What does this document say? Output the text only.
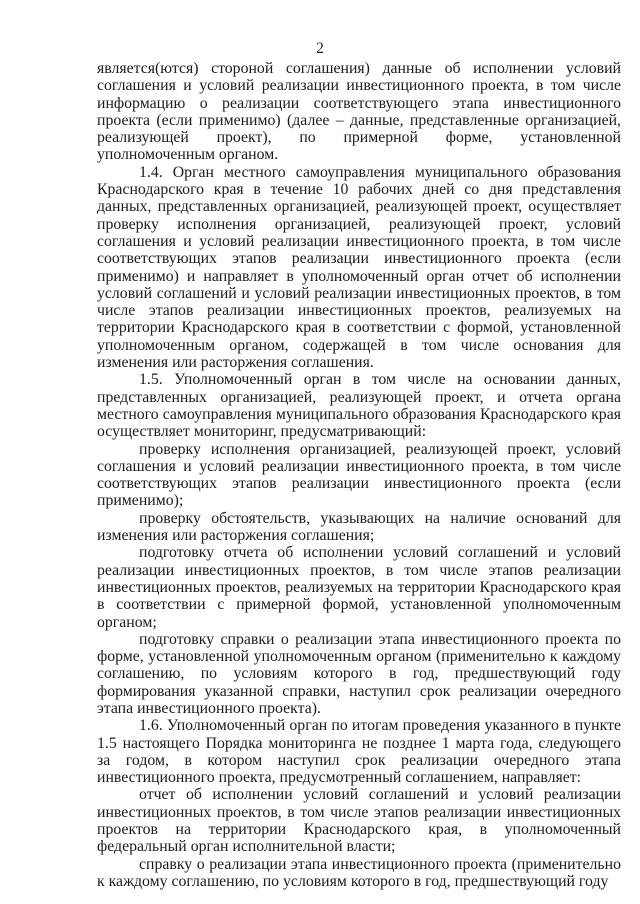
2

является(ются) стороной соглашения) данные об исполнении условий соглашения и условий реализации инвестиционного проекта, в том числе информацию о реализации соответствующего этапа инвестиционного проекта (если применимо) (далее – данные, представленные организацией, реализующей проект), по примерной форме, установленной уполномоченным органом.

1.4. Орган местного самоуправления муниципального образования Краснодарского края в течение 10 рабочих дней со дня представления данных, представленных организацией, реализующей проект, осуществляет проверку исполнения организацией, реализующей проект, условий соглашения и условий реализации инвестиционного проекта, в том числе соответствующих этапов реализации инвестиционного проекта (если применимо) и направляет в уполномоченный орган отчет об исполнении условий соглашений и условий реализации инвестиционных проектов, в том числе этапов реализации инвестиционных проектов, реализуемых на территории Краснодарского края в соответствии с формой, установленной уполномоченным органом, содержащей в том числе основания для изменения или расторжения соглашения.

1.5. Уполномоченный орган в том числе на основании данных, представленных организацией, реализующей проект, и отчета органа местного самоуправления муниципального образования Краснодарского края осуществляет мониторинг, предусматривающий:

проверку исполнения организацией, реализующей проект, условий соглашения и условий реализации инвестиционного проекта, в том числе соответствующих этапов реализации инвестиционного проекта (если применимо);

проверку обстоятельств, указывающих на наличие оснований для изменения или расторжения соглашения;

подготовку отчета об исполнении условий соглашений и условий реализации инвестиционных проектов, в том числе этапов реализации инвестиционных проектов, реализуемых на территории Краснодарского края в соответствии с примерной формой, установленной уполномоченным органом;

подготовку справки о реализации этапа инвестиционного проекта по форме, установленной уполномоченным органом (применительно к каждому соглашению, по условиям которого в год, предшествующий году формирования указанной справки, наступил срок реализации очередного этапа инвестиционного проекта).

1.6. Уполномоченный орган по итогам проведения указанного в пункте 1.5 настоящего Порядка мониторинга не позднее 1 марта года, следующего за годом, в котором наступил срок реализации очередного этапа инвестиционного проекта, предусмотренный соглашением, направляет:

отчет об исполнении условий соглашений и условий реализации инвестиционных проектов, в том числе этапов реализации инвестиционных проектов на территории Краснодарского края, в уполномоченный федеральный орган исполнительной власти;

справку о реализации этапа инвестиционного проекта (применительно к каждому соглашению, по условиям которого в год, предшествующий году
